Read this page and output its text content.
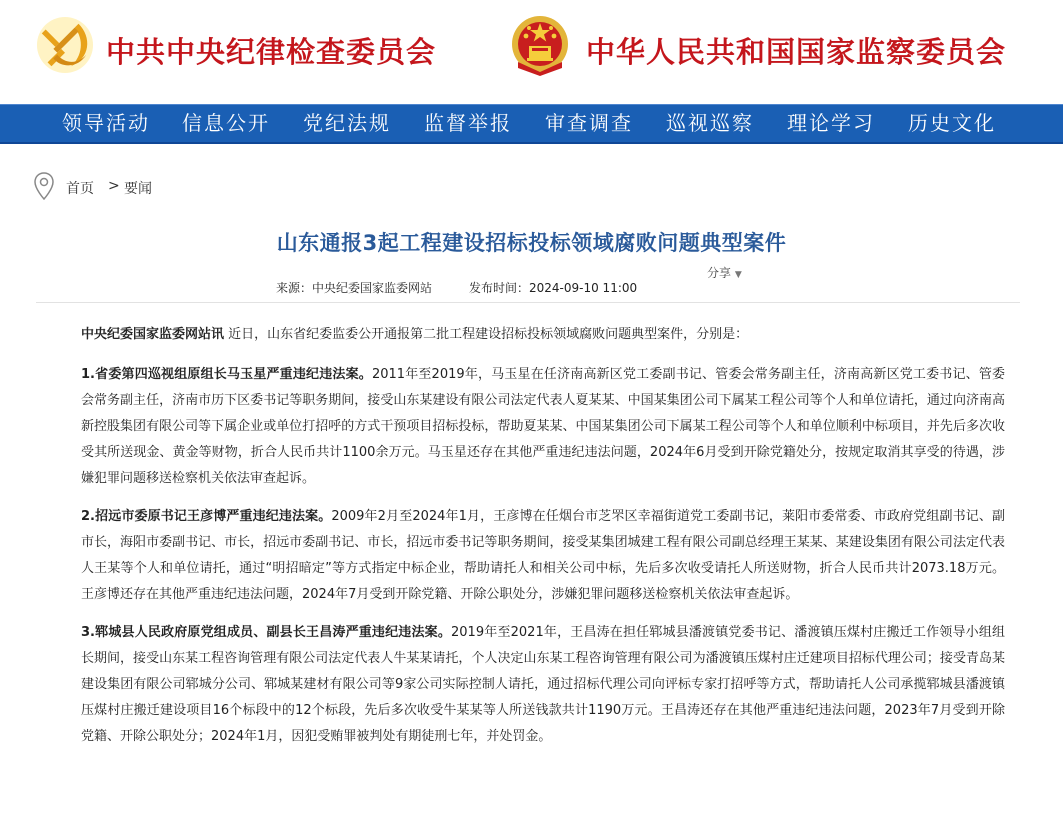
中共中央纪律检查委员会	中华人民共和国国家监察委员会
领导活动 信息公开 党纪法规 监督举报 审查调查 巡视巡察 理论学习 历史文化
首页 > 要闻
山东通报3起工程建设招标投标领域腐败问题典型案件
分享 ▼
来源：中央纪委国家监委网站	发布时间：2024-09-10 11:00

中央纪委国家监委网站讯 近日，山东省纪委监委公开通报第二批工程建设招标投标领域腐败问题典型案件，分别是：

1.省委第四巡视组原组长马玉星严重违纪违法案。2011年至2019年，马玉星在任济南高新区党工委副书记、管委会常务副主任，济南高新区党工委书记、管委会常务副主任，济南市历下区委书记等职务期间，接受山东某建设有限公司法定代表人夏某某、中国某集团公司下属某工程公司等个人和单位请托，通过向济南高新控股集团有限公司等下属企业或单位打招呼的方式干预项目招标投标，帮助夏某某、中国某集团公司下属某工程公司等个人和单位顺利中标项目，并先后多次收受其所送现金、黄金等财物，折合人民币共计1100余万元。马玉星还存在其他严重违纪违法问题，2024年6月受到开除党籍处分，按规定取消其享受的待遇，涉嫌犯罪问题移送检察机关依法审查起诉。

2.招远市委原书记王彦博严重违纪违法案。2009年2月至2024年1月，王彦博在任烟台市芝罘区幸福街道党工委副书记，莱阳市委常委、市政府党组副书记、副市长，海阳市委副书记、市长，招远市委副书记、市长，招远市委书记等职务期间，接受某集团城建工程有限公司副总经理王某某、某建设集团有限公司法定代表人王某等个人和单位请托，通过“明招暗定”等方式指定中标企业，帮助请托人和相关公司中标，先后多次收受请托人所送财物，折合人民币共计2073.18万元。王彦博还存在其他严重违纪违法问题，2024年7月受到开除党籍、开除公职处分，涉嫌犯罪问题移送检察机关依法审查起诉。

3.郓城县人民政府原党组成员、副县长王昌涛严重违纪违法案。2019年至2021年，王昌涛在担任郓城县潘渡镇党委书记、潘渡镇压煤村庄搬迁工作领导小组组长期间，接受山东某工程咨询管理有限公司法定代表人牛某某请托，个人决定山东某工程咨询管理有限公司为潘渡镇压煤村庄迁建项目招标代理公司；接受青岛某建设集团有限公司郓城分公司、郓城某建材有限公司等9家公司实际控制人请托，通过招标代理公司向评标专家打招呼等方式，帮助请托人公司承揽郓城县潘渡镇压煤村庄搬迁建设项目16个标段中的12个标段，先后多次收受牛某某等人所送钱款共计1190万元。王昌涛还存在其他严重违纪违法问题，2023年7月受到开除党籍、开除公职处分；2024年1月，因犯受贿罪被判处有期徒刑七年，并处罚金。
